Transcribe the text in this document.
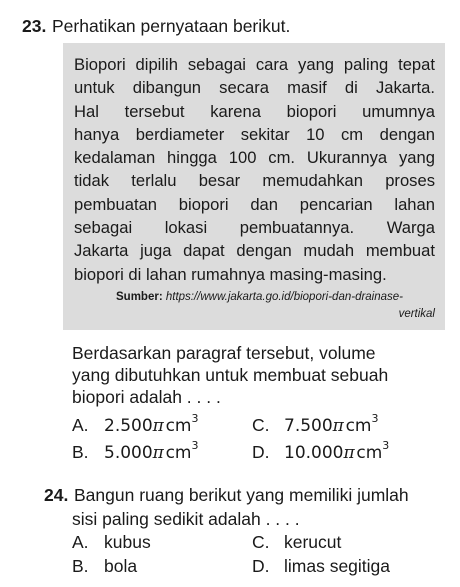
23. Perhatikan pernyataan berikut.
Biopori dipilih sebagai cara yang paling tepat
untuk dibangun secara masif di Jakarta.
Hal tersebut karena biopori umumnya
hanya berdiameter sekitar 10 cm dengan
kedalaman hingga 100 cm. Ukurannya yang
tidak terlalu besar memudahkan proses
pembuatan biopori dan pencarian lahan
sebagai lokasi pembuatannya. Warga
Jakarta juga dapat dengan mudah membuat
biopori di lahan rumahnya masing-masing.
Sumber: https://www.jakarta.go.id/biopori-dan-drainase-
vertikal
Berdasarkan paragraf tersebut, volume
yang dibutuhkan untuk membuat sebuah
biopori adalah . . . .
A. 2.500π  $cm^3$	C. 7.500π  $cm^3$
B. 5.000π  $cm^3$	D. 10.000π  $cm^3$
24. Bangun ruang berikut yang memiliki jumlah
sisi paling sedikit adalah . . . .
A. kubus	C. kerucut
B. bola	D. limas segitiga
